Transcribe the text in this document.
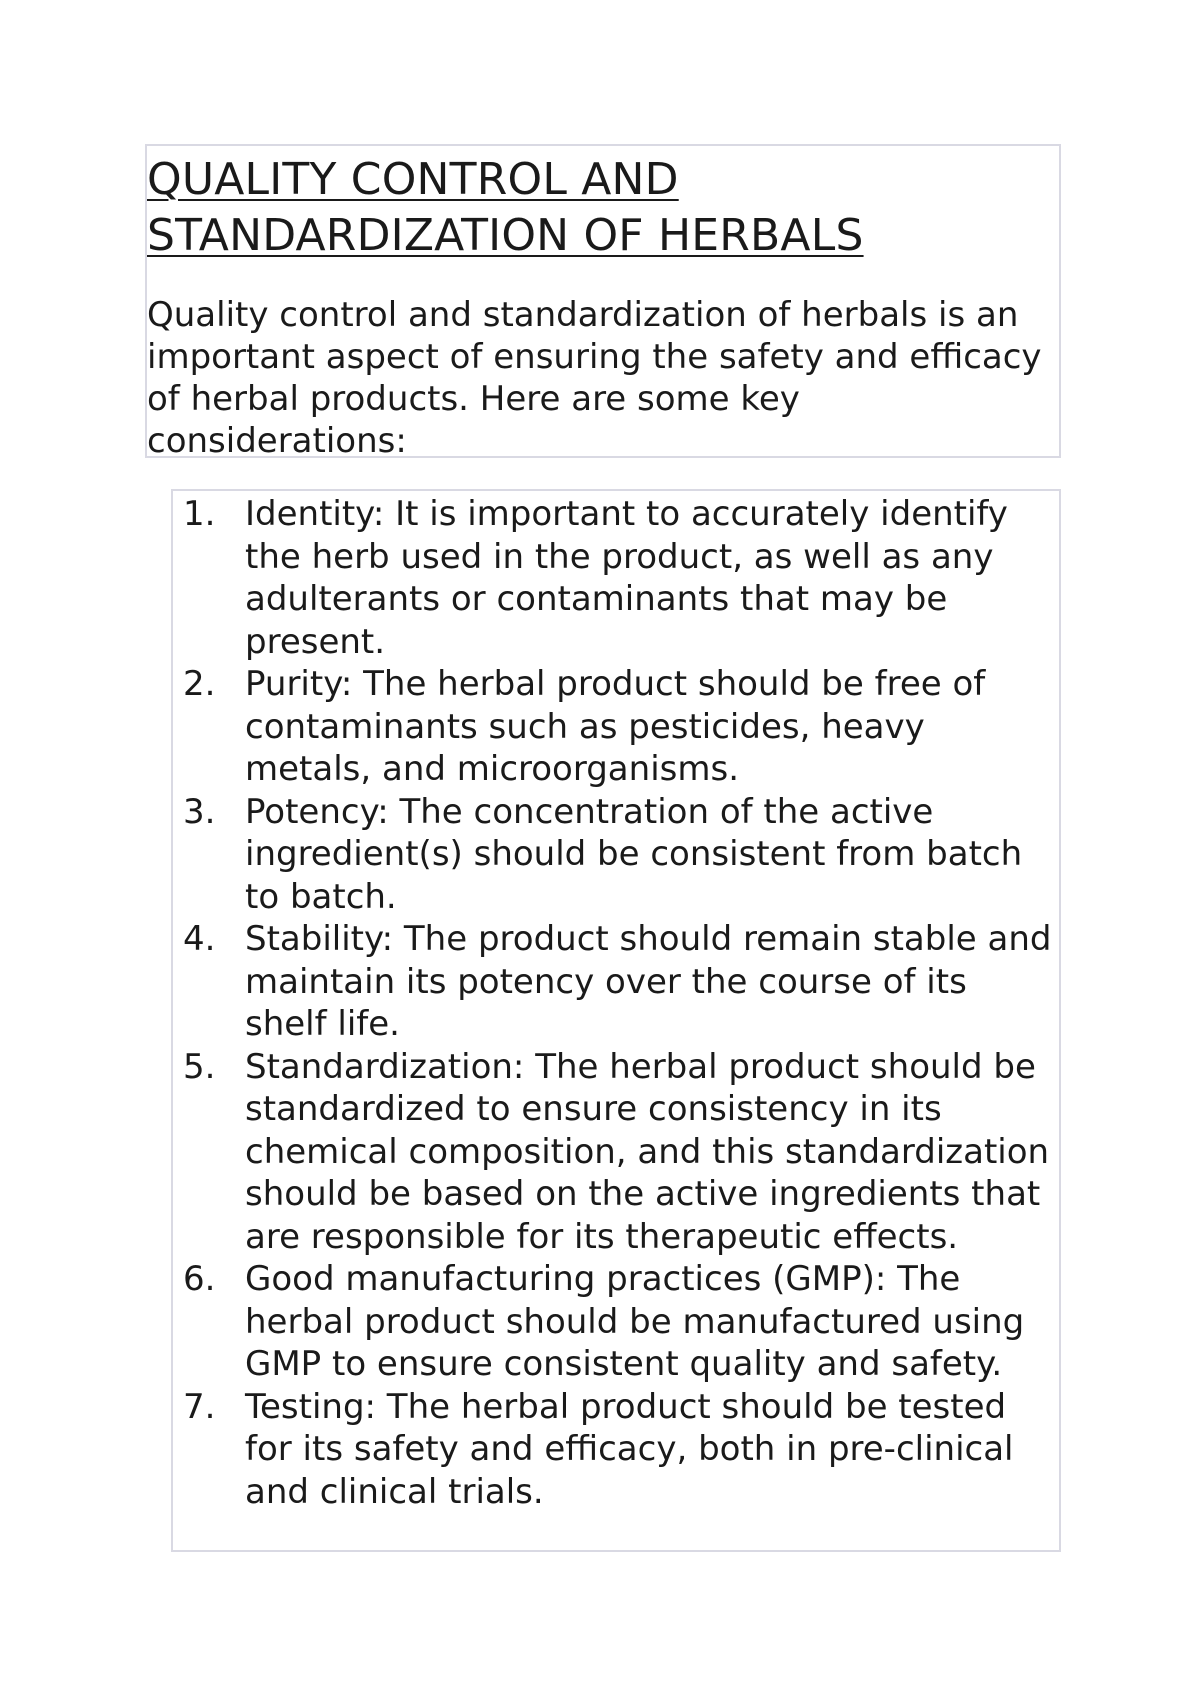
QUALITY CONTROL AND
STANDARDIZATION OF HERBALS

Quality control and standardization of herbals is an important aspect of ensuring the safety and efficacy of herbal products. Here are some key considerations:

1. Identity: It is important to accurately identify the herb used in the product, as well as any adulterants or contaminants that may be present.
2. Purity: The herbal product should be free of contaminants such as pesticides, heavy metals, and microorganisms.
3. Potency: The concentration of the active ingredient(s) should be consistent from batch to batch.
4. Stability: The product should remain stable and maintain its potency over the course of its shelf life.
5. Standardization: The herbal product should be standardized to ensure consistency in its chemical composition, and this standardization should be based on the active ingredients that are responsible for its therapeutic effects.
6. Good manufacturing practices (GMP): The herbal product should be manufactured using GMP to ensure consistent quality and safety.
7. Testing: The herbal product should be tested for its safety and efficacy, both in pre-clinical and clinical trials.
